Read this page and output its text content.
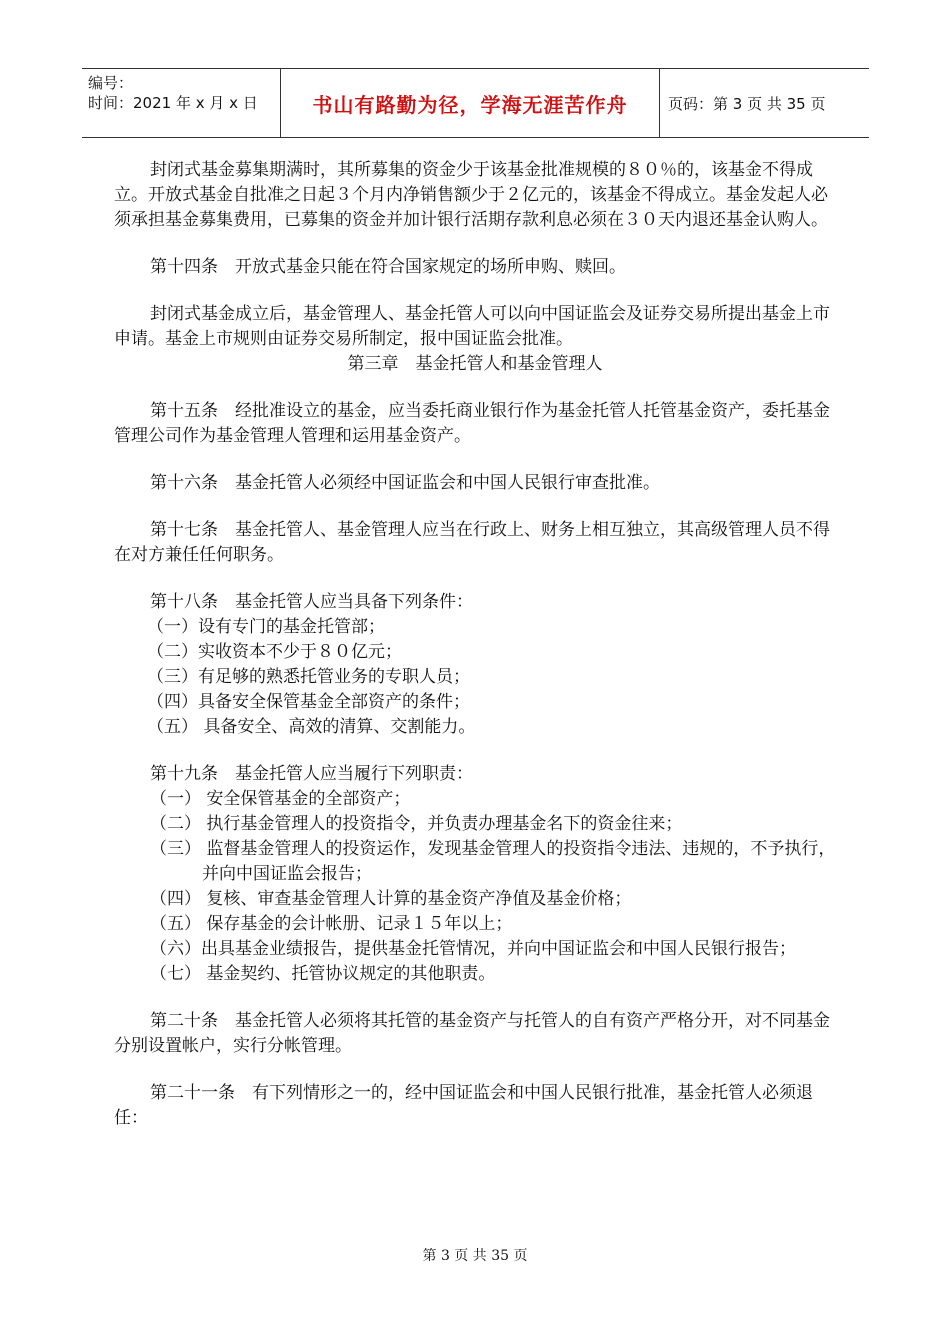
编号：
时间：2021 年 x 月 x 日	书山有路勤为径，学海无涯苦作舟	页码：第 3 页 共 35 页

封闭式基金募集期满时，其所募集的资金少于该基金批准规模的８０％的，该基金不得成立。开放式基金自批准之日起３个月内净销售额少于２亿元的，该基金不得成立。基金发起人必须承担基金募集费用，已募集的资金并加计银行活期存款利息必须在３０天内退还基金认购人。

第十四条　开放式基金只能在符合国家规定的场所申购、赎回。

封闭式基金成立后，基金管理人、基金托管人可以向中国证监会及证券交易所提出基金上市申请。基金上市规则由证券交易所制定，报中国证监会批准。

第三章　基金托管人和基金管理人

第十五条　经批准设立的基金，应当委托商业银行作为基金托管人托管基金资产，委托基金管理公司作为基金管理人管理和运用基金资产。

第十六条　基金托管人必须经中国证监会和中国人民银行审查批准。

第十七条　基金托管人、基金管理人应当在行政上、财务上相互独立，其高级管理人员不得在对方兼任任何职务。

第十八条　基金托管人应当具备下列条件：

（一）设有专门的基金托管部；

（二）实收资本不少于８０亿元；

（三）有足够的熟悉托管业务的专职人员；

（四）具备安全保管基金全部资产的条件；

（五） 具备安全、高效的清算、交割能力。

第十九条　基金托管人应当履行下列职责：

（一） 安全保管基金的全部资产；

（二） 执行基金管理人的投资指令，并负责办理基金名下的资金往来；

（三） 监督基金管理人的投资运作，发现基金管理人的投资指令违法、违规的，不予执行，并向中国证监会报告；

（四） 复核、审查基金管理人计算的基金资产净值及基金价格；

（五） 保存基金的会计帐册、记录１５年以上；

（六）出具基金业绩报告，提供基金托管情况，并向中国证监会和中国人民银行报告；

（七） 基金契约、托管协议规定的其他职责。

第二十条　基金托管人必须将其托管的基金资产与托管人的自有资产严格分开，对不同基金分别设置帐户，实行分帐管理。

第二十一条　有下列情形之一的，经中国证监会和中国人民银行批准，基金托管人必须退任：

第 3 页 共 35 页
